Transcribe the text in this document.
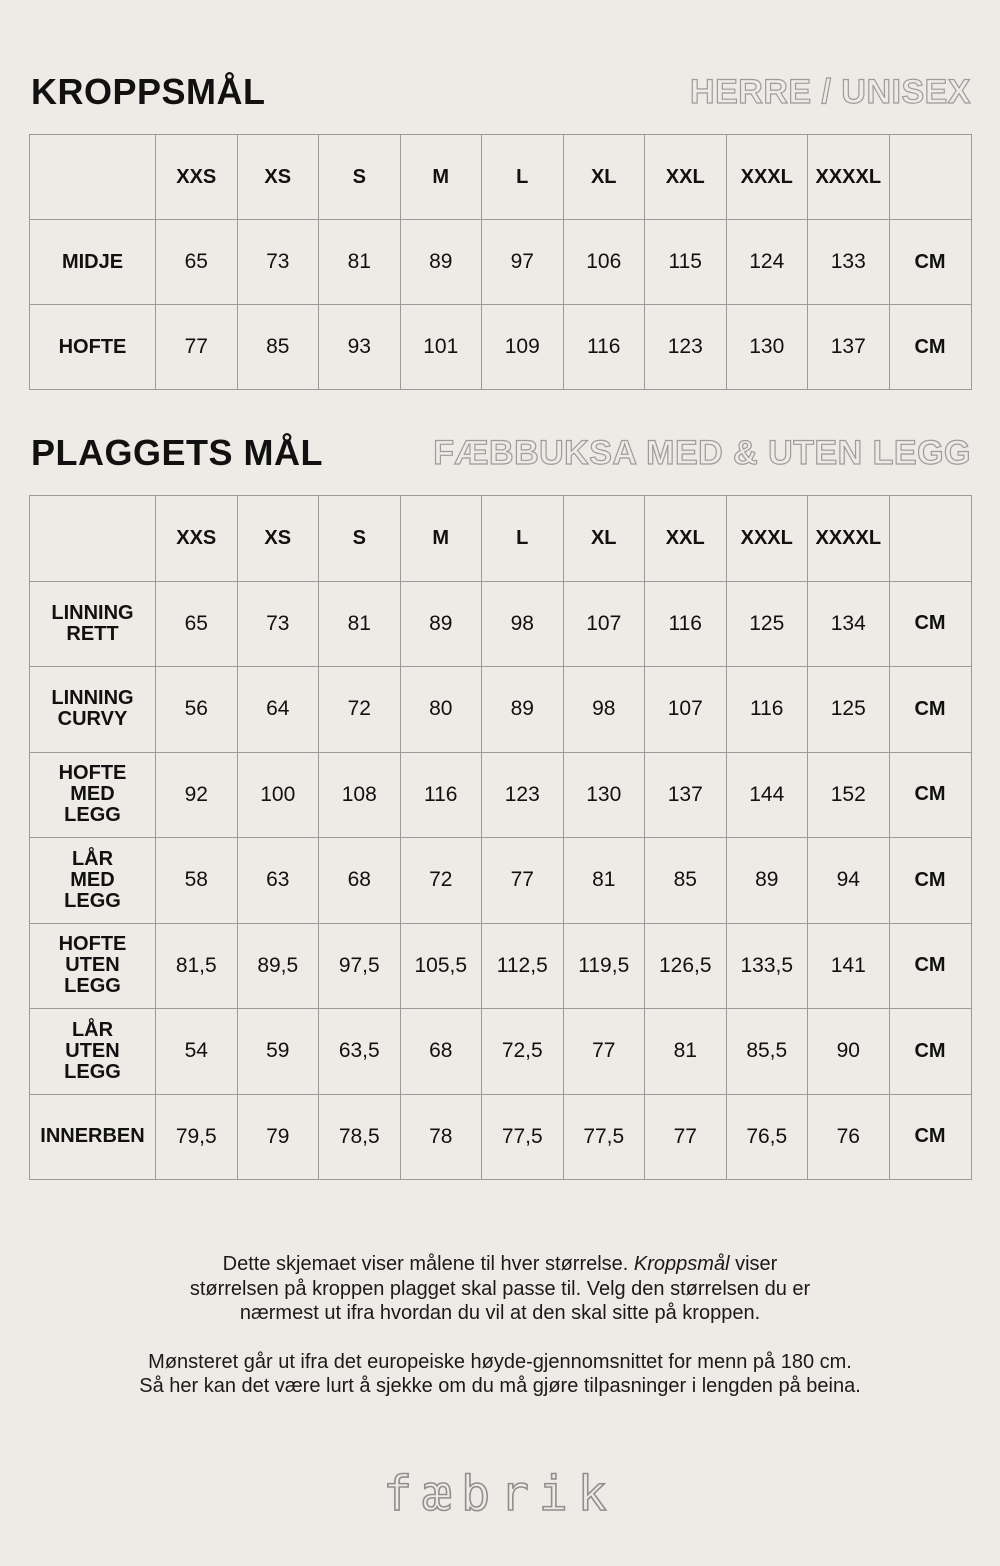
KROPPSMÅL	HERRE / UNISEX
	XXS	XS	S	M	L	XL	XXL	XXXL	XXXXL	

MIDJE	65	73	81	89	97	106	115	124	133	CM

HOFTE	77	85	93	101	109	116	123	130	137	CM
PLAGGETS MÅL	FÆBBUKSA MED & UTEN LEGG
	XXS	XS	S	M	L	XL	XXL	XXXL	XXXXL	

LINNING
RETT	65	73	81	89	98	107	116	125	134	CM

LINNING
CURVY	56	64	72	80	89	98	107	116	125	CM

HOFTE
MED
LEGG	92	100	108	116	123	130	137	144	152	CM

LÅR
MED
LEGG	58	63	68	72	77	81	85	89	94	CM

HOFTE
UTEN
LEGG	81,5	89,5	97,5	105,5	112,5	119,5	126,5	133,5	141	CM

LÅR
UTEN
LEGG	54	59	63,5	68	72,5	77	81	85,5	90	CM

INNERBEN	79,5	79	78,5	78	77,5	77,5	77	76,5	76	CM

Dette skjemaet viser målene til hver størrelse. Kroppsmål viser
størrelsen på kroppen plagget skal passe til. Velg den størrelsen du er
nærmest ut ifra hvordan du vil at den skal sitte på kroppen.

Mønsteret går ut ifra det europeiske høyde-gjennomsnittet for menn på 180 cm.
Så her kan det være lurt å sjekke om du må gjøre tilpasninger i lengden på beina.

fæbrik
